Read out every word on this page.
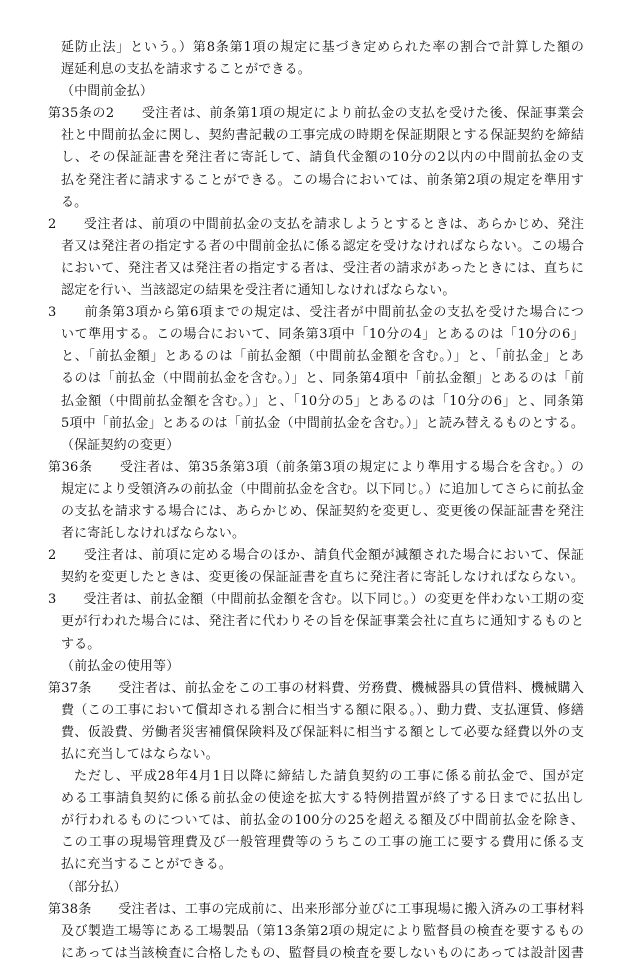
延防止法」という。）第8条第1項の規定に基づき定められた率の割合で計算した額の
遅延利息の支払を請求することができる。
（中間前金払）
第35条の2　　受注者は、前条第1項の規定により前払金の支払を受けた後、保証事業会
社と中間前払金に関し、契約書記載の工事完成の時期を保証期限とする保証契約を締結
し、その保証証書を発注者に寄託して、請負代金額の10分の2以内の中間前払金の支
払を発注者に請求することができる。この場合においては、前条第2項の規定を準用す
る。
2　　受注者は、前項の中間前払金の支払を請求しようとするときは、あらかじめ、発注
者又は発注者の指定する者の中間前金払に係る認定を受けなければならない。この場合
において、発注者又は発注者の指定する者は、受注者の請求があったときには、直ちに
認定を行い、当該認定の結果を受注者に通知しなければならない。
3　　前条第3項から第6項までの規定は、受注者が中間前払金の支払を受けた場合につ
いて準用する。この場合において、同条第3項中「10分の4」とあるのは「10分の6」
と、「前払金額」とあるのは「前払金額（中間前払金額を含む。）」と、「前払金」とあ
るのは「前払金（中間前払金を含む。）」と、同条第4項中「前払金額」とあるのは「前
払金額（中間前払金額を含む。）」と、「10分の5」とあるのは「10分の6」と、同条第
5項中「前払金」とあるのは「前払金（中間前払金を含む。）」と読み替えるものとする。
（保証契約の変更）
第36条　　受注者は、第35条第3項（前条第3項の規定により準用する場合を含む。）の
規定により受領済みの前払金（中間前払金を含む。以下同じ。）に追加してさらに前払金
の支払を請求する場合には、あらかじめ、保証契約を変更し、変更後の保証証書を発注
者に寄託しなければならない。
2　　受注者は、前項に定める場合のほか、請負代金額が減額された場合において、保証
契約を変更したときは、変更後の保証証書を直ちに発注者に寄託しなければならない。
3　　受注者は、前払金額（中間前払金額を含む。以下同じ。）の変更を伴わない工期の変
更が行われた場合には、発注者に代わりその旨を保証事業会社に直ちに通知するものと
する。
（前払金の使用等）
第37条　　受注者は、前払金をこの工事の材料費、労務費、機械器具の賃借料、機械購入
費（この工事において償却される割合に相当する額に限る。）、動力費、支払運賃、修繕
費、仮設費、労働者災害補償保険料及び保証料に相当する額として必要な経費以外の支
払に充当してはならない。
ただし、平成28年4月1日以降に締結した請負契約の工事に係る前払金で、国が定
める工事請負契約に係る前払金の使途を拡大する特例措置が終了する日までに払出し
が行われるものについては、前払金の100分の25を超える額及び中間前払金を除き、
この工事の現場管理費及び一般管理費等のうちこの工事の施工に要する費用に係る支
払に充当することができる。
（部分払）
第38条　　受注者は、工事の完成前に、出来形部分並びに工事現場に搬入済みの工事材料
及び製造工場等にある工場製品（第13条第2項の規定により監督員の検査を要するもの
にあっては当該検査に合格したもの、監督員の検査を要しないものにあっては設計図書
